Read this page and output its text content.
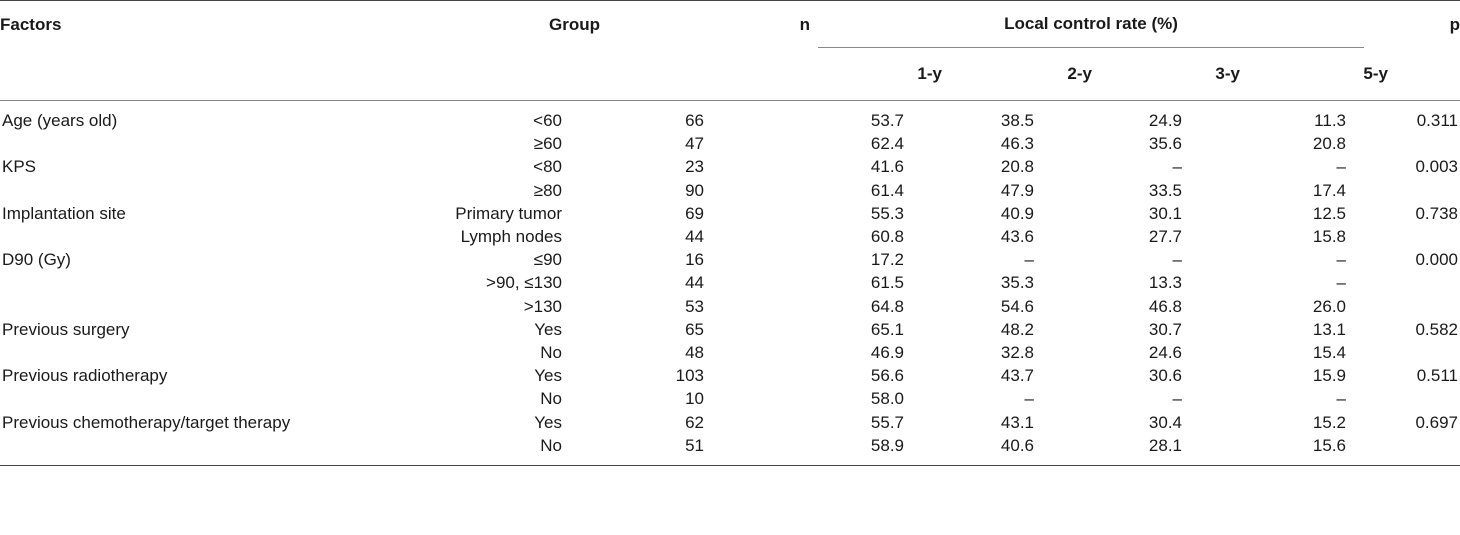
Factors	Group	n	Local control rate (%)				p
			1-y	2-y	3-y	5-y	
Age (years old)	<60	66	53.7	38.5	24.9	11.3	0.311
	≥60	47	62.4	46.3	35.6	20.8	
KPS	<80	23	41.6	20.8	–	–	0.003
	≥80	90	61.4	47.9	33.5	17.4	
Implantation site	Primary tumor	69	55.3	40.9	30.1	12.5	0.738
	Lymph nodes	44	60.8	43.6	27.7	15.8	
D90 (Gy)	≤90	16	17.2	–	–	–	0.000
	>90, ≤130	44	61.5	35.3	13.3	–	
	>130	53	64.8	54.6	46.8	26.0	
Previous surgery	Yes	65	65.1	48.2	30.7	13.1	0.582
	No	48	46.9	32.8	24.6	15.4	
Previous radiotherapy	Yes	103	56.6	43.7	30.6	15.9	0.511
	No	10	58.0	–	–	–	
Previous chemotherapy/target therapy	Yes	62	55.7	43.1	30.4	15.2	0.697
	No	51	58.9	40.6	28.1	15.6	
